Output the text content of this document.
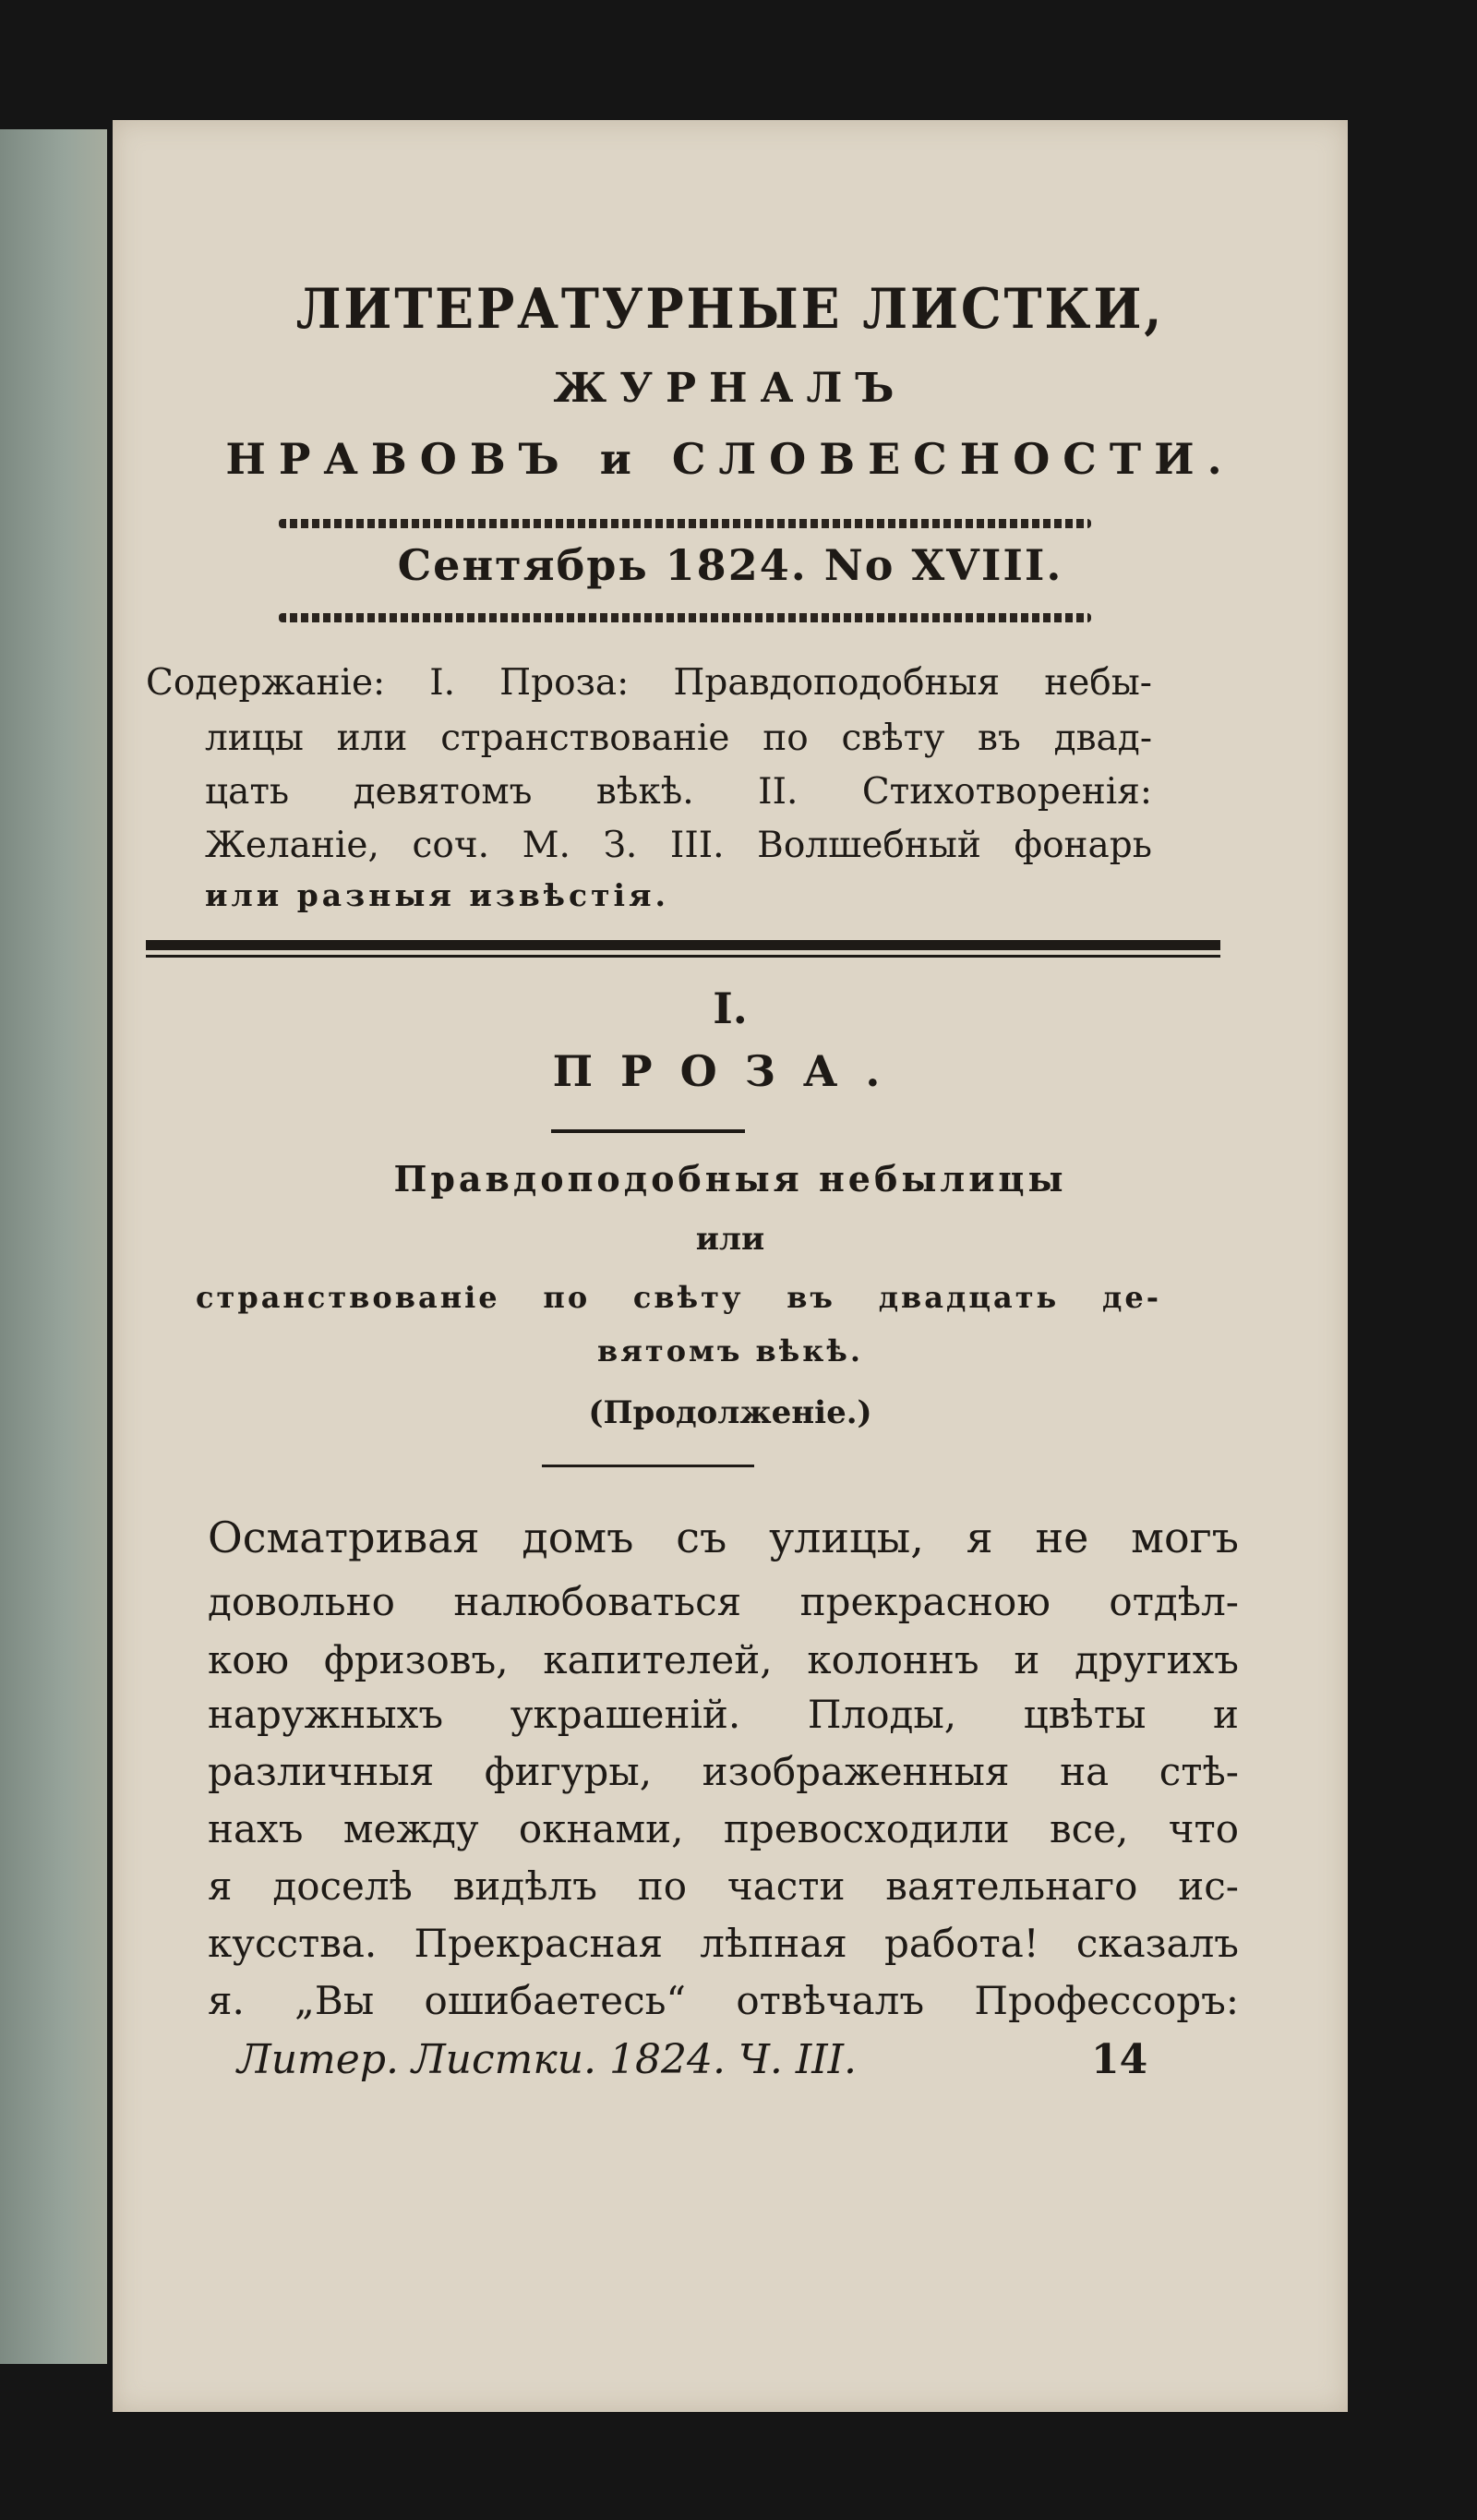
ЛИТЕРАТУРНЫЕ ЛИСТКИ,
ЖУРНАЛЪ
НРАВОВЪ и СЛОВЕСНОСТИ.
Сентябрь 1824. No XVIII.
Содержаніе: I. Проза: Правдоподобныя небы-
лицы или странствованіе по свѣту въ двад-
цать девятомъ вѣкѣ. II. Стихотворенія:
Желаніе, соч. М. З. III. Волшебный фонарь
или разныя извѣстія.
I.
ПРОЗА.
Правдоподобныя небылицы
или
странствованіе по свѣту въ двадцать де-
вятомъ вѣкѣ.
(Продолженіе.)
Осматривая домъ съ улицы, я не могъ
довольно налюбоваться прекрасною отдѣл-
кою фризовъ, капителей, колоннъ и другихъ
наружныхъ украшеній. Плоды, цвѣты и
различныя фигуры, изображенныя на стѣ-
нахъ между окнами, превосходили все, что
я доселѣ видѣлъ по части ваятельнаго ис-
кусства. Прекрасная лѣпная работа! сказалъ
я. „Вы ошибаетесь“ отвѣчалъ Профессоръ:
Литер. Листки. 1824. Ч. III.	14
